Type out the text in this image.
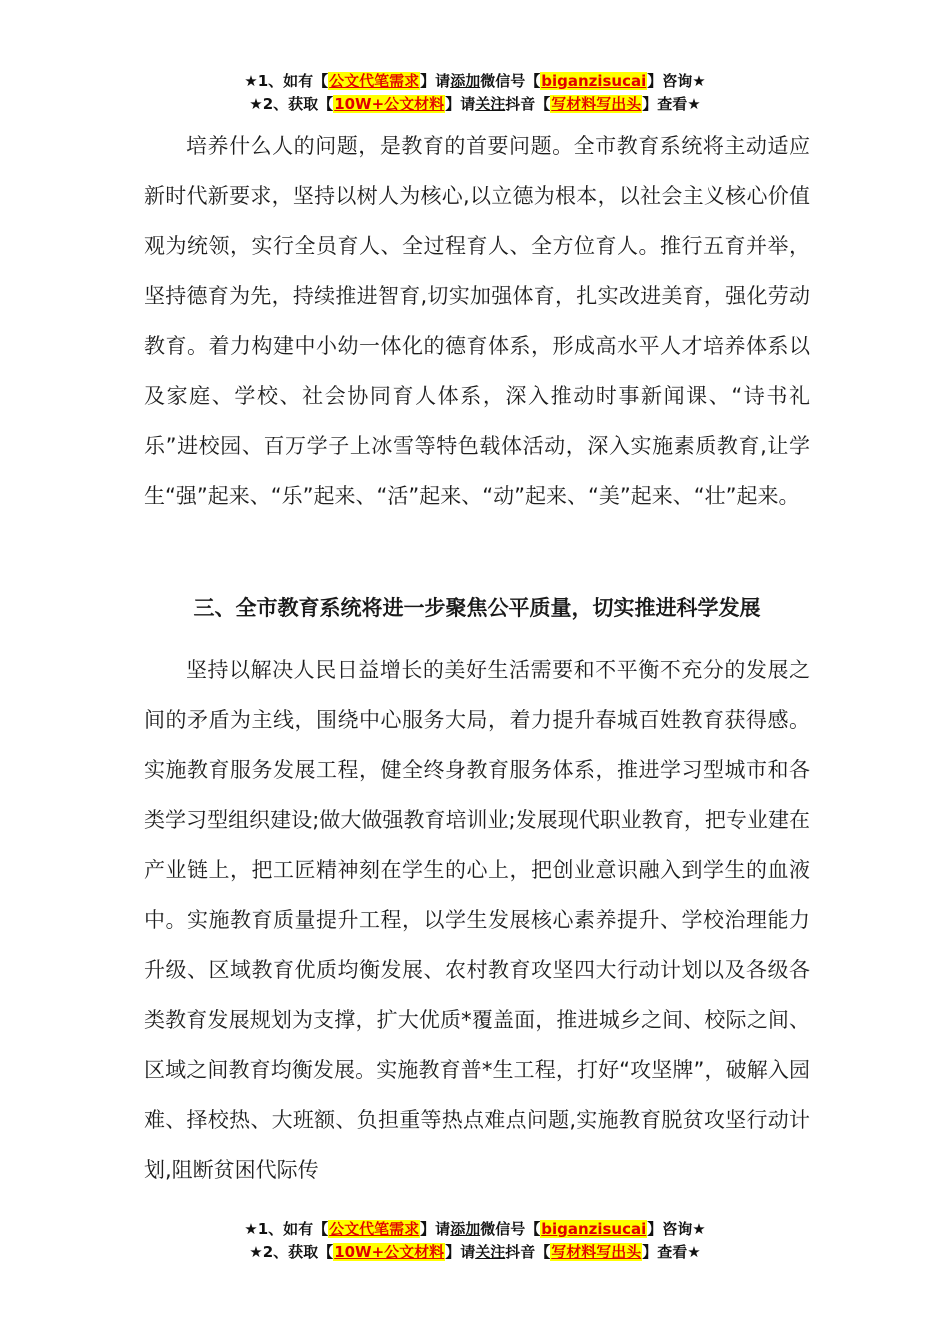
★1、如有【公文代笔需求】请添加微信号【biganzisucai】咨询★
★2、获取【10W+公文材料】请关注抖音【写材料写出头】查看★

培养什么人的问题，是教育的首要问题。全市教育系统将主动适应新时代新要求，坚持以树人为核心,以立德为根本，以社会主义核心价值观为统领，实行全员育人、全过程育人、全方位育人。推行五育并举，坚持德育为先，持续推进智育,切实加强体育，扎实改进美育，强化劳动教育。着力构建中小幼一体化的德育体系，形成高水平人才培养体系以及家庭、学校、社会协同育人体系，深入推动时事新闻课、“诗书礼乐”进校园、百万学子上冰雪等特色载体活动，深入实施素质教育,让学生“强”起来、“乐”起来、“活”起来、“动”起来、“美”起来、“壮”起来。

三、全市教育系统将进一步聚焦公平质量，切实推进科学发展

坚持以解决人民日益增长的美好生活需要和不平衡不充分的发展之间的矛盾为主线，围绕中心服务大局，着力提升春城百姓教育获得感。实施教育服务发展工程，健全终身教育服务体系，推进学习型城市和各类学习型组织建设;做大做强教育培训业;发展现代职业教育，把专业建在产业链上，把工匠精神刻在学生的心上，把创业意识融入到学生的血液中。实施教育质量提升工程，以学生发展核心素养提升、学校治理能力升级、区域教育优质均衡发展、农村教育攻坚四大行动计划以及各级各类教育发展规划为支撑，扩大优质*覆盖面，推进城乡之间、校际之间、区域之间教育均衡发展。实施教育普*生工程，打好“攻坚牌”，破解入园难、择校热、大班额、负担重等热点难点问题,实施教育脱贫攻坚行动计划,阻断贫困代际传

★1、如有【公文代笔需求】请添加微信号【biganzisucai】咨询★
★2、获取【10W+公文材料】请关注抖音【写材料写出头】查看★
